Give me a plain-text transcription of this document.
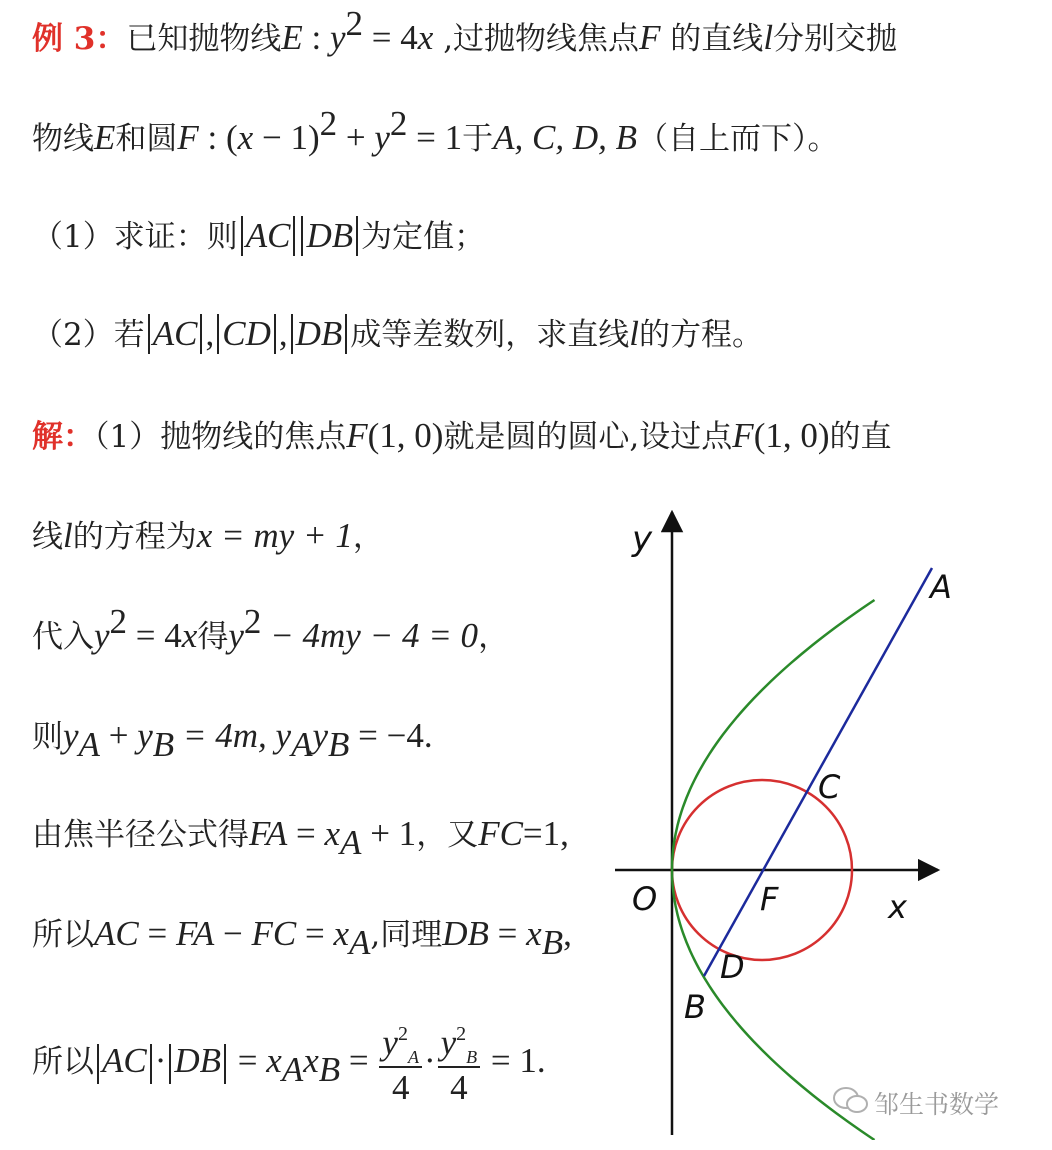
例 3：已知抛物线E : $y^2 = 4x$ ,过抛物线焦点F 的直线l分别交抛
物线E和圆F : $(x - 1)^2 + y^2 = 1$于A, C, D, B（自上而下）。
（1）求证：则 AC DB 为定值；
（2）若 AC , CD , DB 成等差数列，求直线l的方程。
解：（1）抛物线的焦点F(1, 0)就是圆的圆心,设过点F(1, 0)的直
线l的方程为x = my + 1，
代入$y^2 = 4x$得$y^2 - 4my - 4 = 0$，
则$y_A + y_B = 4m$, $y_Ay_B = -4$.
由焦半径公式得FA = $x_A + 1$，又FC=1,
所以AC = FA − FC = $x_A$,同理DB = $x_B$,
所以 AC · DB = $x_Ax_B = \frac{y^2_A}{4} \cdot \frac{y^2_B}{4} = 1$.
y
x
O	F
A
C
D
B
邹生书数学
